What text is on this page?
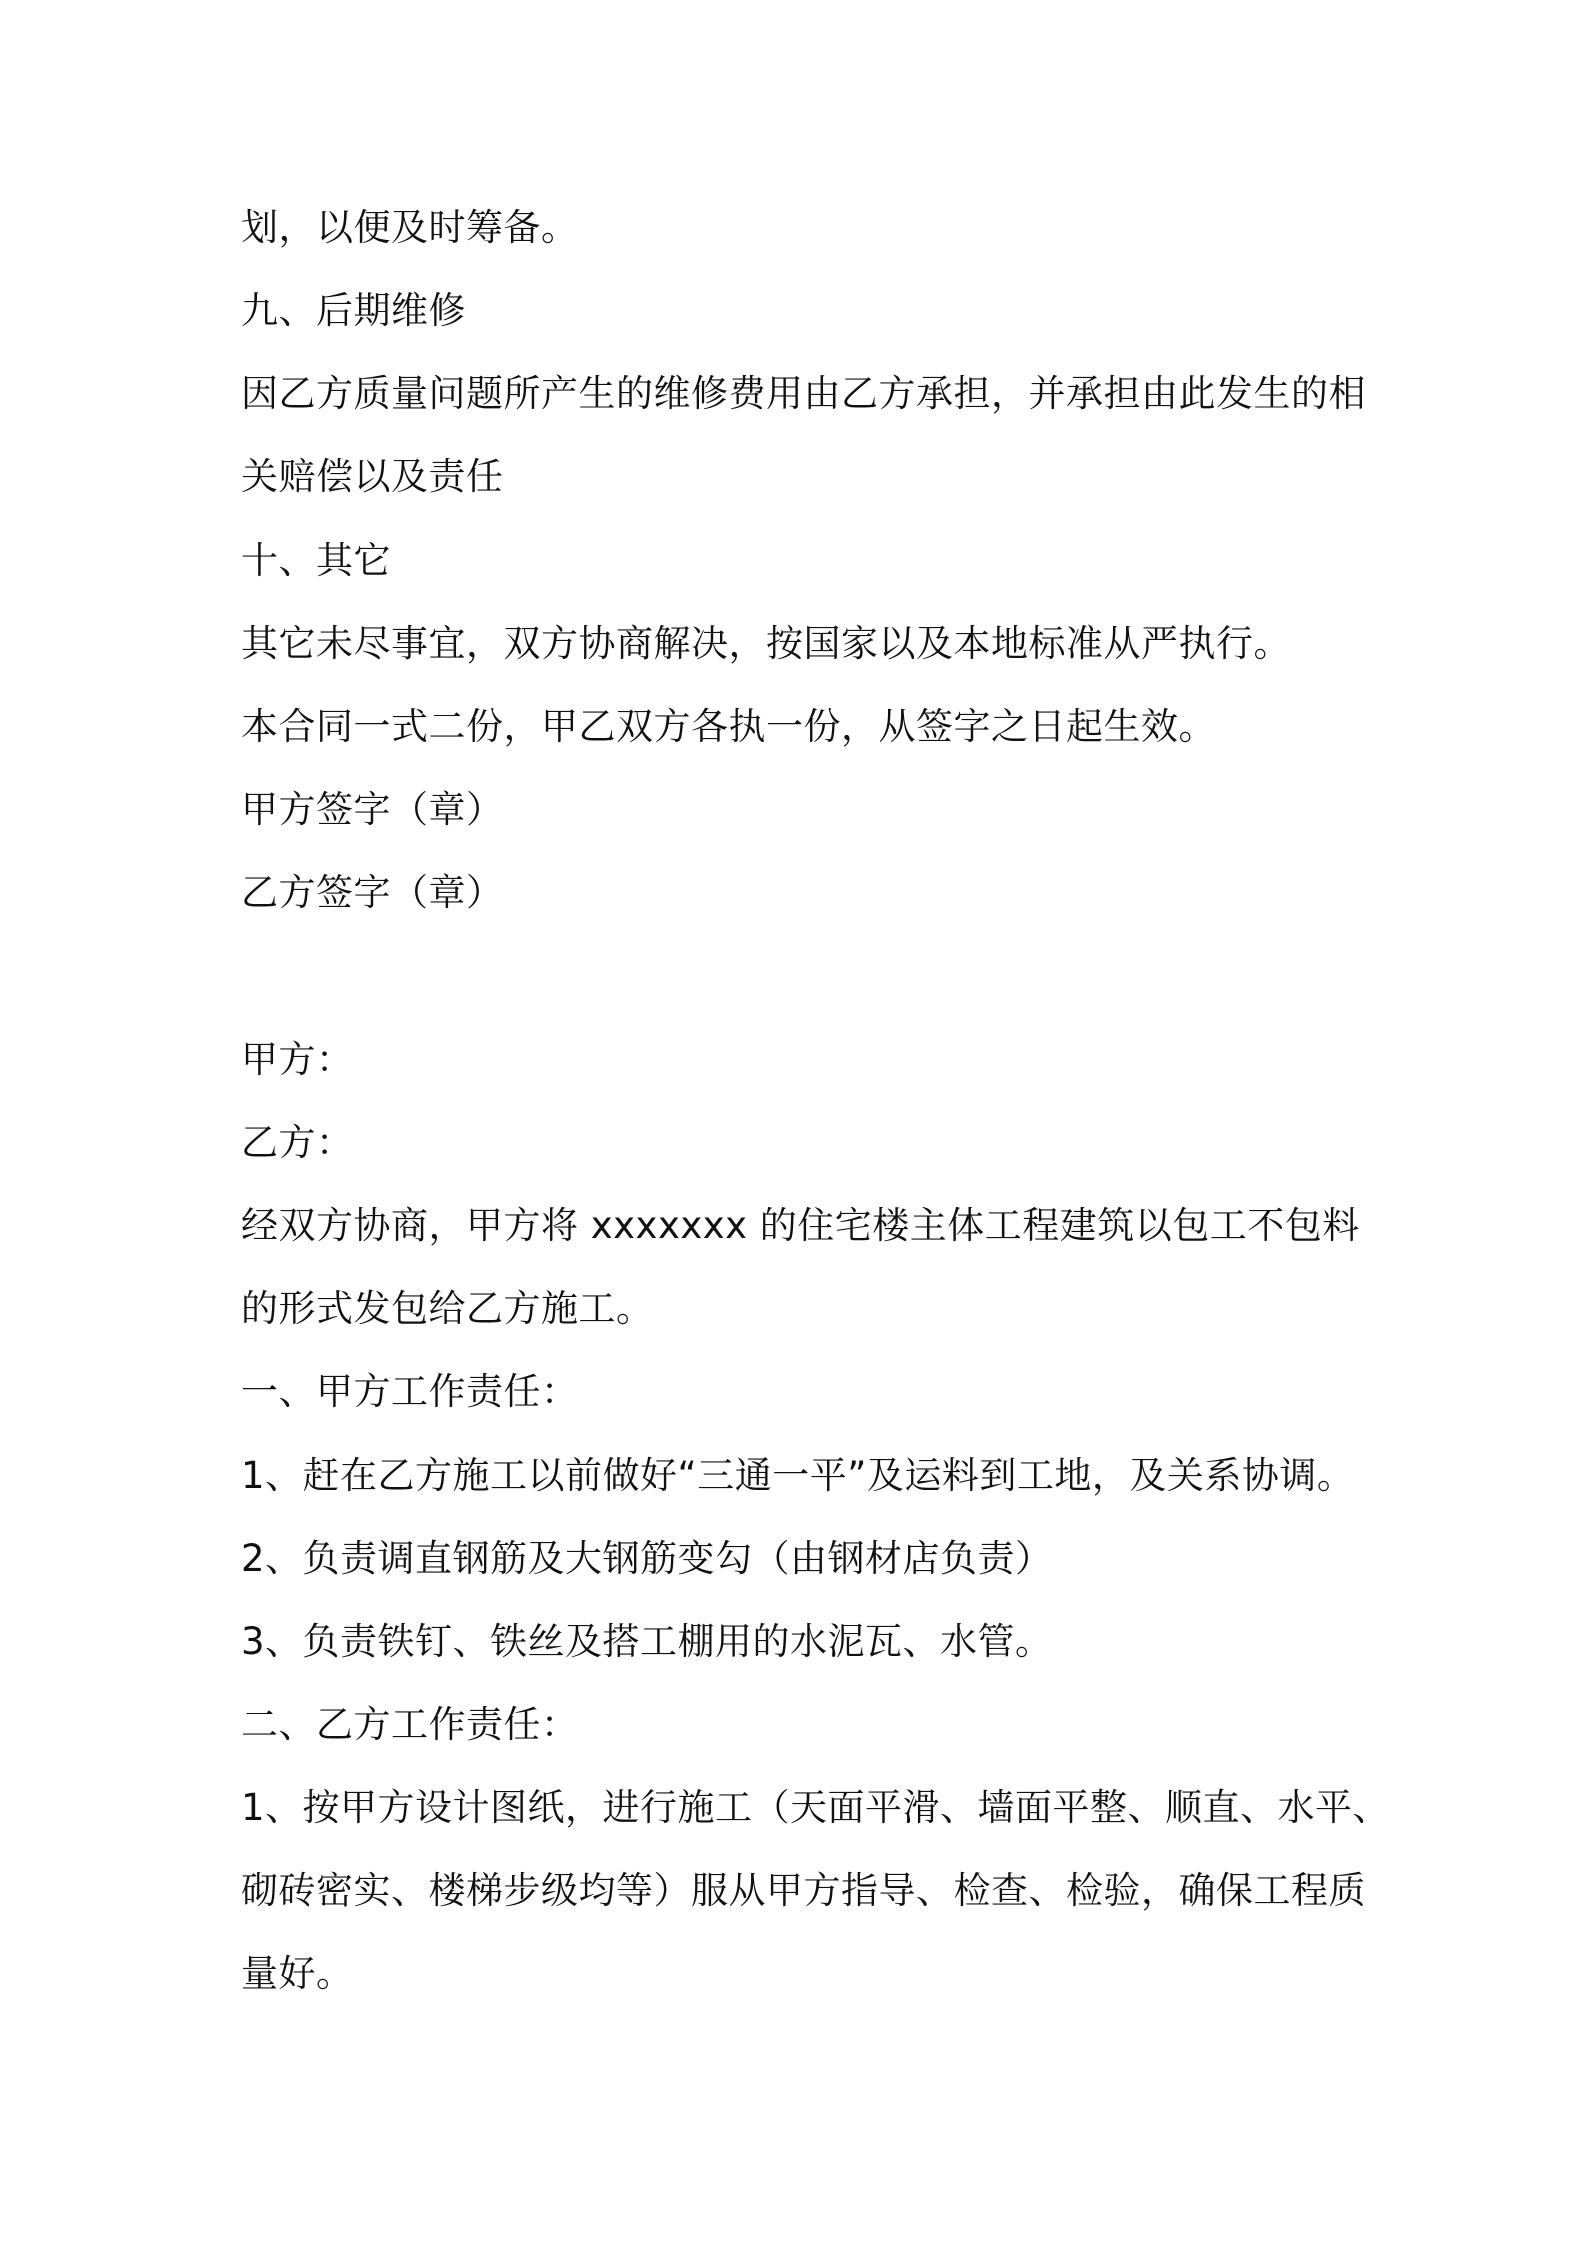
划，以便及时筹备。
九、后期维修
因乙方质量问题所产生的维修费用由乙方承担，并承担由此发生的相
关赔偿以及责任
十、其它
其它未尽事宜，双方协商解决，按国家以及本地标准从严执行。
本合同一式二份，甲乙双方各执一份，从签字之日起生效。
甲方签字（章）
乙方签字（章）
甲方：
乙方：
经双方协商，甲方将 xxxxxxx 的住宅楼主体工程建筑以包工不包料
的形式发包给乙方施工。
一、甲方工作责任：
1、赶在乙方施工以前做好“三通一平”及运料到工地，及关系协调。
2、负责调直钢筋及大钢筋变勾（由钢材店负责）
3、负责铁钉、铁丝及搭工棚用的水泥瓦、水管。
二、乙方工作责任：
1、按甲方设计图纸，进行施工（天面平滑、墙面平整、顺直、水平、
砌砖密实、楼梯步级均等）服从甲方指导、检查、检验，确保工程质
量好。
